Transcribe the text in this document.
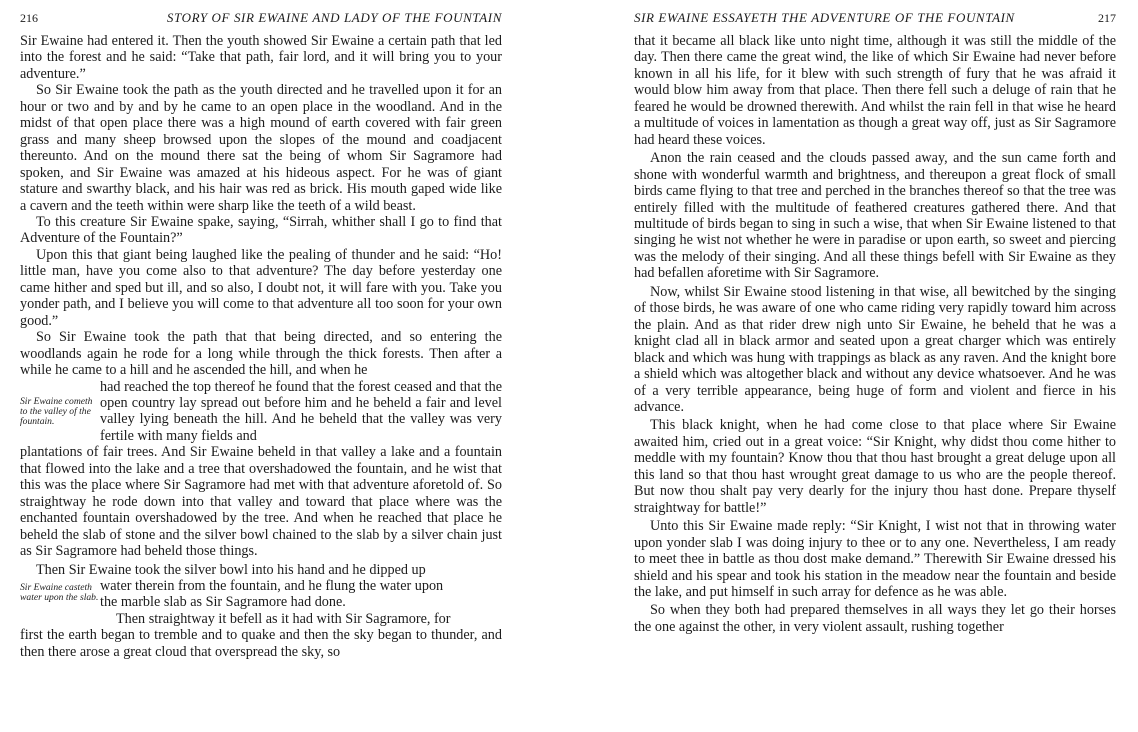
216	STORY OF SIR EWAINE AND LADY OF THE FOUNTAIN

Sir Ewaine had entered it. Then the youth showed Sir Ewaine a certain path that led into the forest and he said: “Take that path, fair lord, and it will bring you to your adventure.”

So Sir Ewaine took the path as the youth directed and he travelled upon it for an hour or two and by and by he came to an open place in the woodland. And in the midst of that open place there was a high mound of earth covered with fair green grass and many sheep browsed upon the slopes of the mound and coadjacent thereunto. And on the mound there sat the being of whom Sir Sagramore had spoken, and Sir Ewaine was amazed at his hideous aspect. For he was of giant stature and swarthy black, and his hair was red as brick. His mouth gaped wide like a cavern and the teeth within were sharp like the teeth of a wild beast.

To this creature Sir Ewaine spake, saying, “Sirrah, whither shall I go to find that Adventure of the Fountain?”

Upon this that giant being laughed like the pealing of thunder and he said: “Ho! little man, have you come also to that adventure? The day before yesterday one came hither and sped but ill, and so also, I doubt not, it will fare with you. Take you yonder path, and I believe you will come to that adventure all too soon for your own good.”

So Sir Ewaine took the path that that being directed, and so entering the woodlands again he rode for a long while through the thick forests. Then after a while he came to a hill and he ascended the hill, and when he

Sir Ewaine cometh to the valley of the fountain.

had reached the top thereof he found that the forest ceased and that the open country lay spread out before him and he beheld a fair and level valley lying beneath the hill. And he beheld that the valley was very fertile with many fields and

plantations of fair trees. And Sir Ewaine beheld in that valley a lake and a fountain that flowed into the lake and a tree that overshadowed the fountain, and he wist that this was the place where Sir Sagramore had met with that adventure aforetold of. So straightway he rode down into that valley and toward that place where was the enchanted fountain overshadowed by the tree. And when he reached that place he beheld the slab of stone and the silver bowl chained to the slab by a silver chain just as Sir Sagramore had beheld those things.

Then Sir Ewaine took the silver bowl into his hand and he dipped up

Sir Ewaine casteth water upon the slab.
water therein from the fountain, and he flung the water upon
the marble slab as Sir Sagramore had done.
Then straightway it befell as it had with Sir Sagramore, for

first the earth began to tremble and to quake and then the sky began to thunder, and then there arose a great cloud that overspread the sky, so

SIR EWAINE ESSAYETH THE ADVENTURE OF THE FOUNTAIN	217

that it became all black like unto night time, although it was still the middle of the day. Then there came the great wind, the like of which Sir Ewaine had never before known in all his life, for it blew with such strength of fury that he was afraid it would blow him away from that place. Then there fell such a deluge of rain that he feared he would be drowned therewith. And whilst the rain fell in that wise he heard a multitude of voices in lamentation as though a great way off, just as Sir Sagramore had heard these voices.

Anon the rain ceased and the clouds passed away, and the sun came forth and shone with wonderful warmth and brightness, and thereupon a great flock of small birds came flying to that tree and perched in the branches thereof so that the tree was entirely filled with the multitude of feathered creatures gathered there. And that multitude of birds began to sing in such a wise, that when Sir Ewaine listened to that singing he wist not whether he were in paradise or upon earth, so sweet and piercing was the melody of their singing. And all these things befell with Sir Ewaine as they had befallen aforetime with Sir Sagramore.

Now, whilst Sir Ewaine stood listening in that wise, all bewitched by the singing of those birds, he was aware of one who came riding very rapidly toward him across the plain. And as that rider drew nigh unto Sir Ewaine, he beheld that he was a knight clad all in black armor and seated upon a great charger which was entirely black and which was hung with trappings as black as any raven. And the knight bore a shield which was altogether black and without any device whatsoever. And he was of a very terrible appearance, being huge of form and violent and fierce in his advance.

This black knight, when he had come close to that place where Sir Ewaine awaited him, cried out in a great voice: “Sir Knight, why didst thou come hither to meddle with my fountain? Know thou that thou hast brought a great deluge upon all this land so that thou hast wrought great damage to us who are the people thereof. But now thou shalt pay very dearly for the injury thou hast done. Prepare thyself straightway for battle!”

Unto this Sir Ewaine made reply: “Sir Knight, I wist not that in throwing water upon yonder slab I was doing injury to thee or to any one. Nevertheless, I am ready to meet thee in battle as thou dost make demand.” Therewith Sir Ewaine dressed his shield and his spear and took his station in the meadow near the fountain and beside the lake, and put himself in such array for defence as he was able.

So when they both had prepared themselves in all ways they let go their horses the one against the other, in very violent assault, rushing together
